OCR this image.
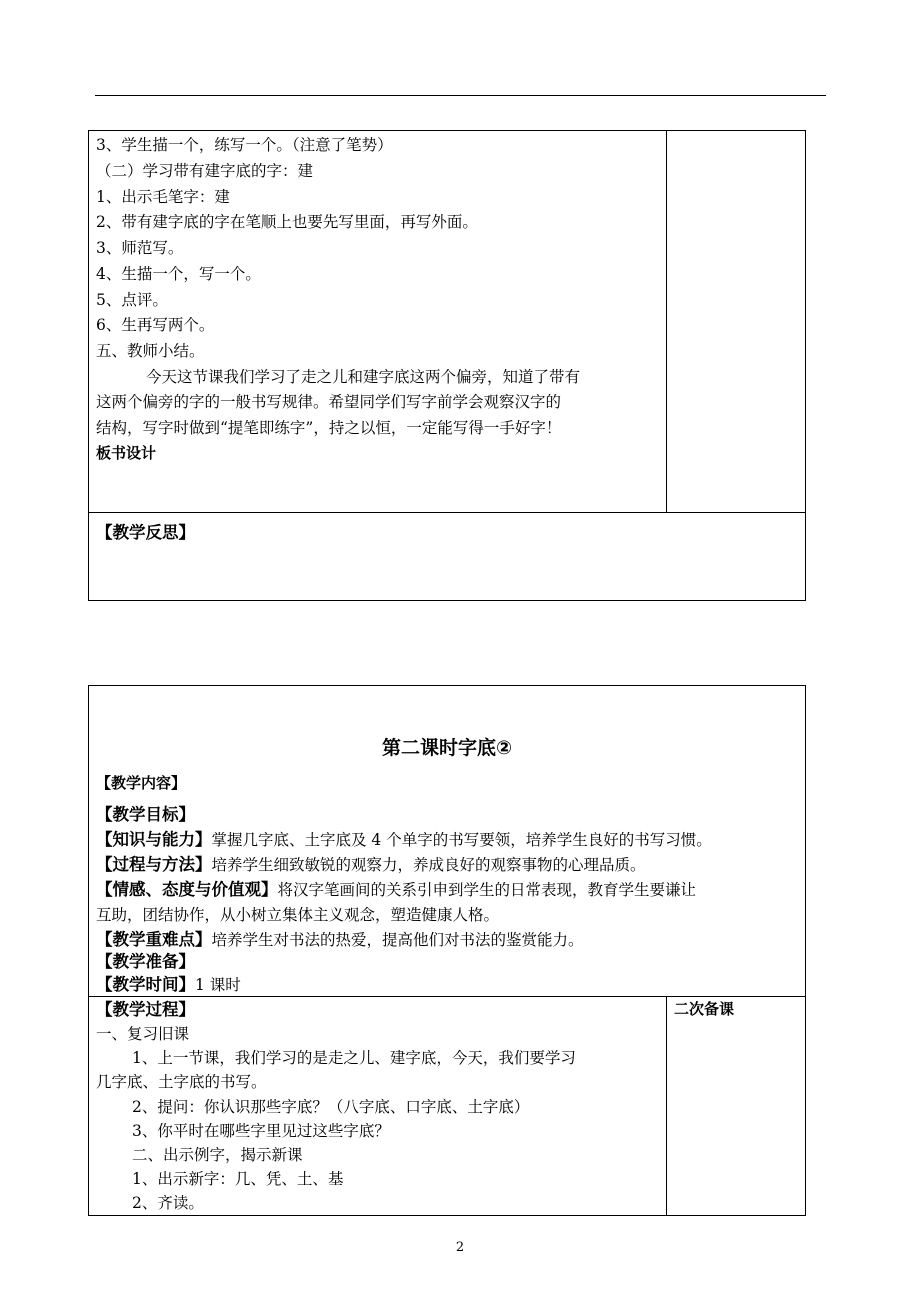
3、学生描一个，练写一个。（注意了笔势）
（二）学习带有建字底的字：建
1、出示毛笔字：建
2、带有建字底的字在笔顺上也要先写里面，再写外面。
3、师范写。
4、生描一个，写一个。
5、点评。
6、生再写两个。
五、教师小结。
今天这节课我们学习了走之儿和建字底这两个偏旁，知道了带有
这两个偏旁的字的一般书写规律。希望同学们写字前学会观察汉字的
结构，写字时做到“提笔即练字”，持之以恒，一定能写得一手好字！
板书设计
【教学反思】
第二课时字底②
【教学内容】
【教学目标】
【知识与能力】掌握几字底、土字底及 4 个单字的书写要领，培养学生良好的书写习惯。
【过程与方法】培养学生细致敏锐的观察力，养成良好的观察事物的心理品质。
【情感、态度与价值观】将汉字笔画间的关系引申到学生的日常表现，教育学生要谦让
互助，团结协作，从小树立集体主义观念，塑造健康人格。
【教学重难点】培养学生对书法的热爱，提高他们对书法的鉴赏能力。
【教学准备】
【教学时间】1 课时
【教学过程】	二次备课
一、复习旧课
1、上一节课，我们学习的是走之儿、建字底，今天，我们要学习
几字底、土字底的书写。
2、提问：你认识那些字底？（八字底、口字底、土字底）
3、你平时在哪些字里见过这些字底？
二、出示例字，揭示新课
1、出示新字：几、凭、土、基
2、齐读。
2
